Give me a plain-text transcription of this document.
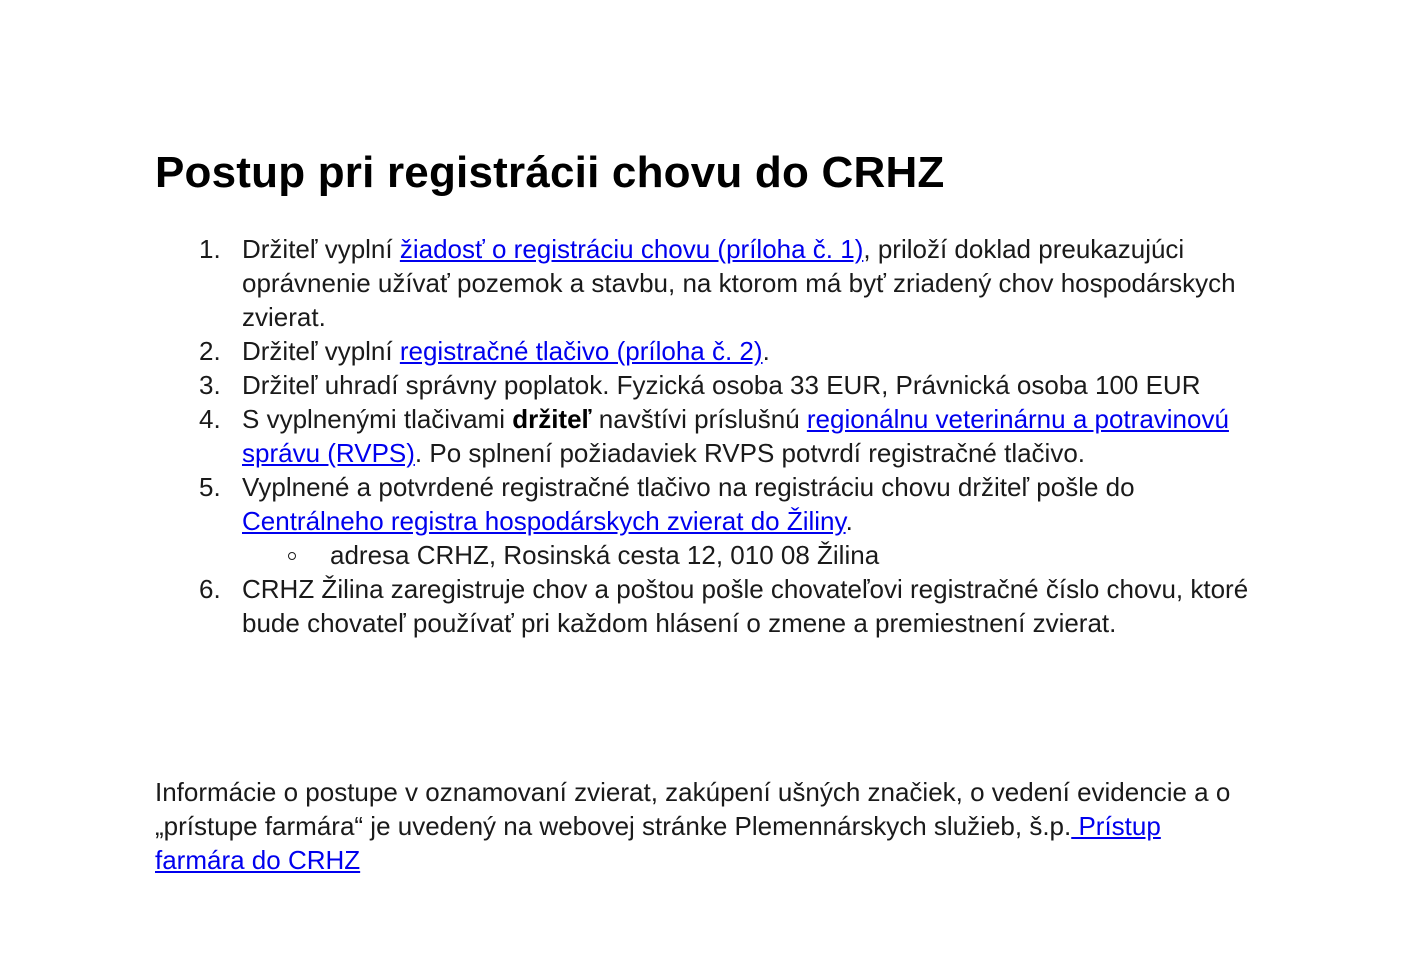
Postup pri registrácii chovu do CRHZ
1. Držiteľ vyplní žiadosť o registráciu chovu (príloha č. 1), priloží doklad preukazujúci oprávnenie užívať pozemok a stavbu, na ktorom má byť zriadený chov hospodárskych zvierat.
2. Držiteľ vyplní registračné tlačivo (príloha č. 2).
3. Držiteľ uhradí správny poplatok. Fyzická osoba 33 EUR, Právnická osoba 100 EUR
4. S vyplnenými tlačivami držiteľ navštívi príslušnú regionálnu veterinárnu a potravinovú správu (RVPS). Po splnení požiadaviek RVPS potvrdí registračné tlačivo.
5. Vyplnené a potvrdené registračné tlačivo na registráciu chovu držiteľ pošle do Centrálneho registra hospodárskych zvierat do Žiliny.
adresa CRHZ, Rosinská cesta 12, 010 08 Žilina
6. CRHZ Žilina zaregistruje chov a poštou pošle chovateľovi registračné číslo chovu, ktoré bude chovateľ používať pri každom hlásení o zmene a premiestnení zvierat.

Informácie o postupe v oznamovaní zvierat, zakúpení ušných značiek, o vedení evidencie a o „prístupe farmára“ je uvedený na webovej stránke Plemennárskych služieb, š.p. Prístup farmára do CRHZ
